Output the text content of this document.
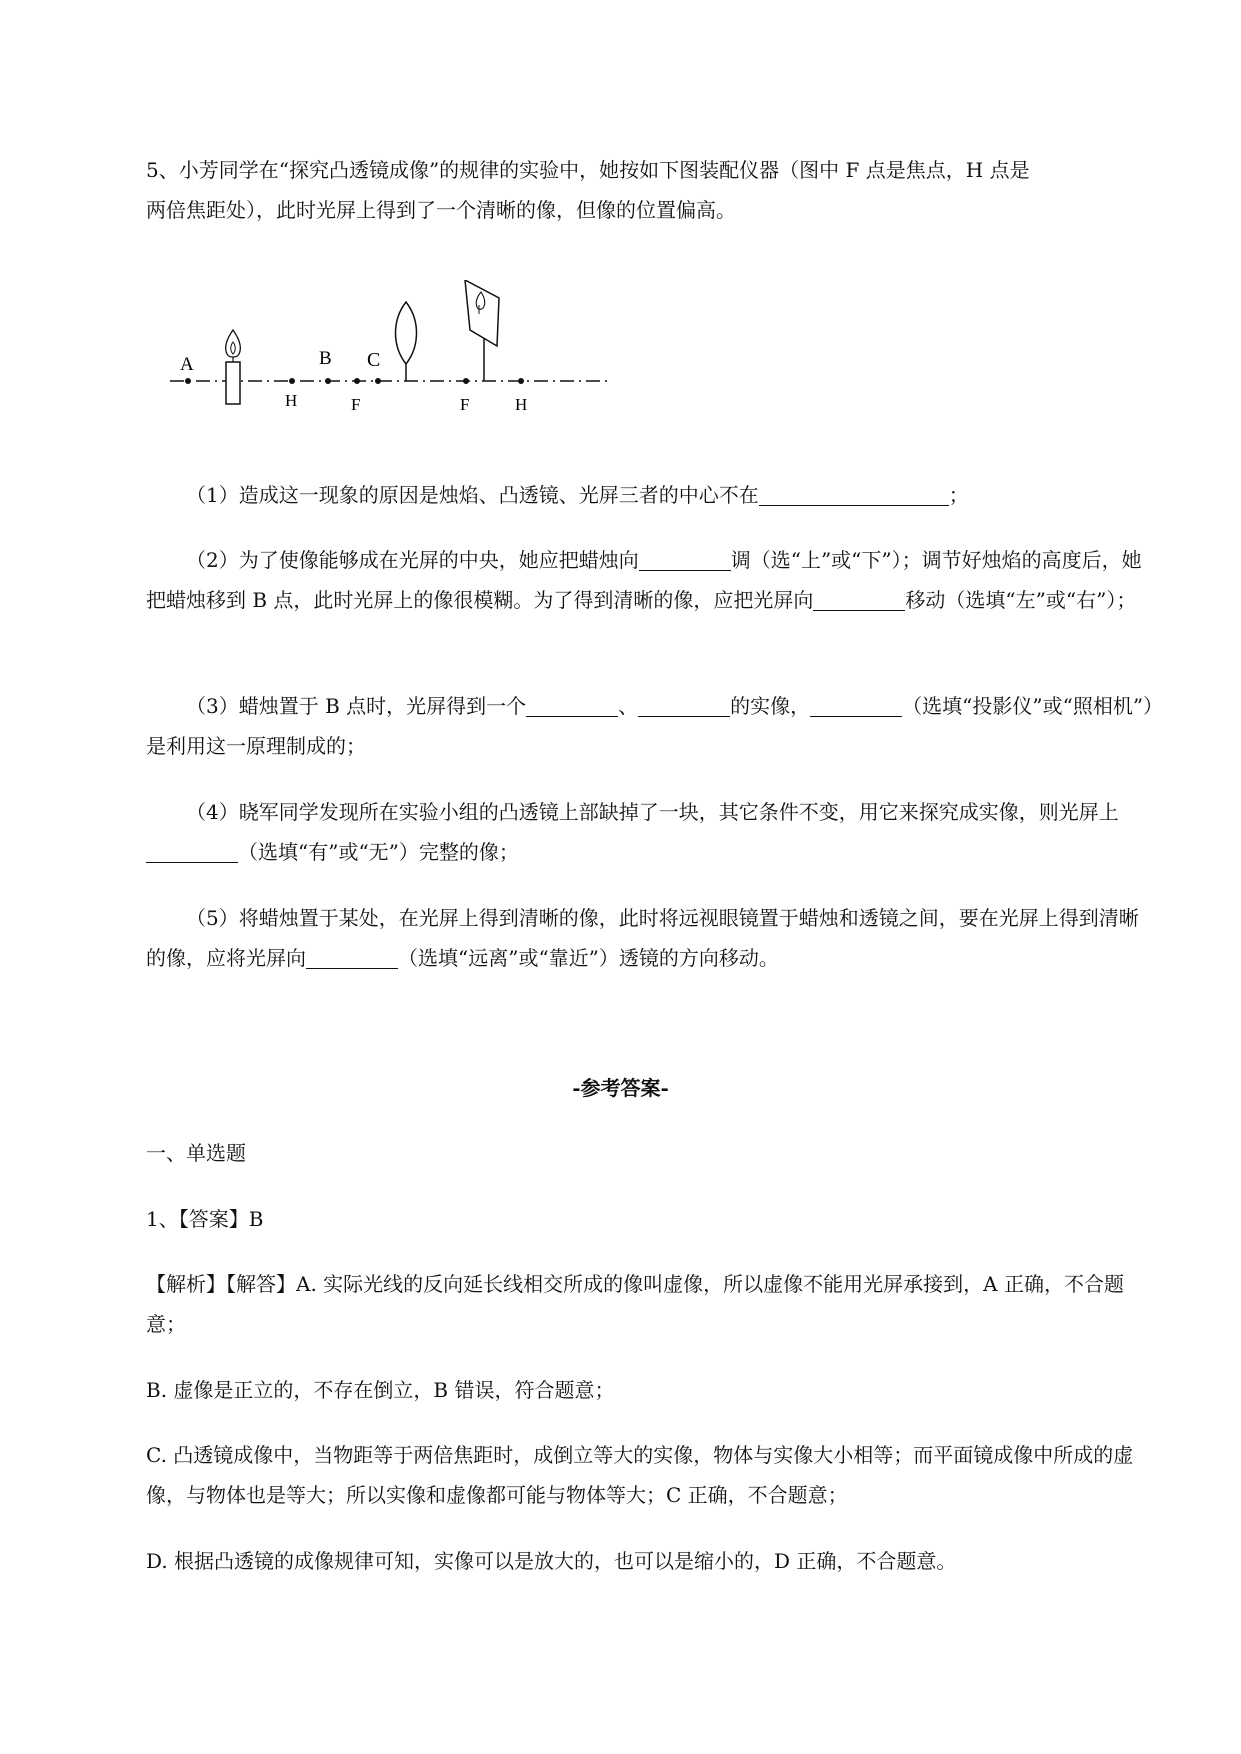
5、小芳同学在“探究凸透镜成像”的规律的实验中，她按如下图装配仪器（图中 F 点是焦点，H 点是
两倍焦距处），此时光屏上得到了一个清晰的像，但像的位置偏高。

A
H
B
F
C
F	H

（1）造成这一现象的原因是烛焰、凸透镜、光屏三者的中心不在	；

（2）为了使像能够成在光屏的中央，她应把蜡烛向	调（选“上”或“下”）；调节好烛焰的高度后，她把蜡烛移到 B 点，此时光屏上的像很模糊。为了得到清晰的像，应把光屏向	移动（选填“左”或“右”）；

（3）蜡烛置于 B 点时，光屏得到一个	、	的实像，	（选填“投影仪”或“照相机”）是利用这一原理制成的；

（4）晓军同学发现所在实验小组的凸透镜上部缺掉了一块，其它条件不变，用它来探究成实像，则光屏上（选填“有”或“无”）完整的像；

（5）将蜡烛置于某处，在光屏上得到清晰的像，此时将远视眼镜置于蜡烛和透镜之间，要在光屏上得到清晰的像，应将光屏向	（选填“远离”或“靠近”）透镜的方向移动。

-参考答案-

一、单选题

1、【答案】B

【解析】【解答】A. 实际光线的反向延长线相交所成的像叫虚像，所以虚像不能用光屏承接到，A 正确，不合题意；

B. 虚像是正立的，不存在倒立，B 错误，符合题意；

C. 凸透镜成像中，当物距等于两倍焦距时，成倒立等大的实像，物体与实像大小相等；而平面镜成像中所成的虚像，与物体也是等大；所以实像和虚像都可能与物体等大；C 正确，不合题意；

D. 根据凸透镜的成像规律可知，实像可以是放大的，也可以是缩小的，D 正确，不合题意。
